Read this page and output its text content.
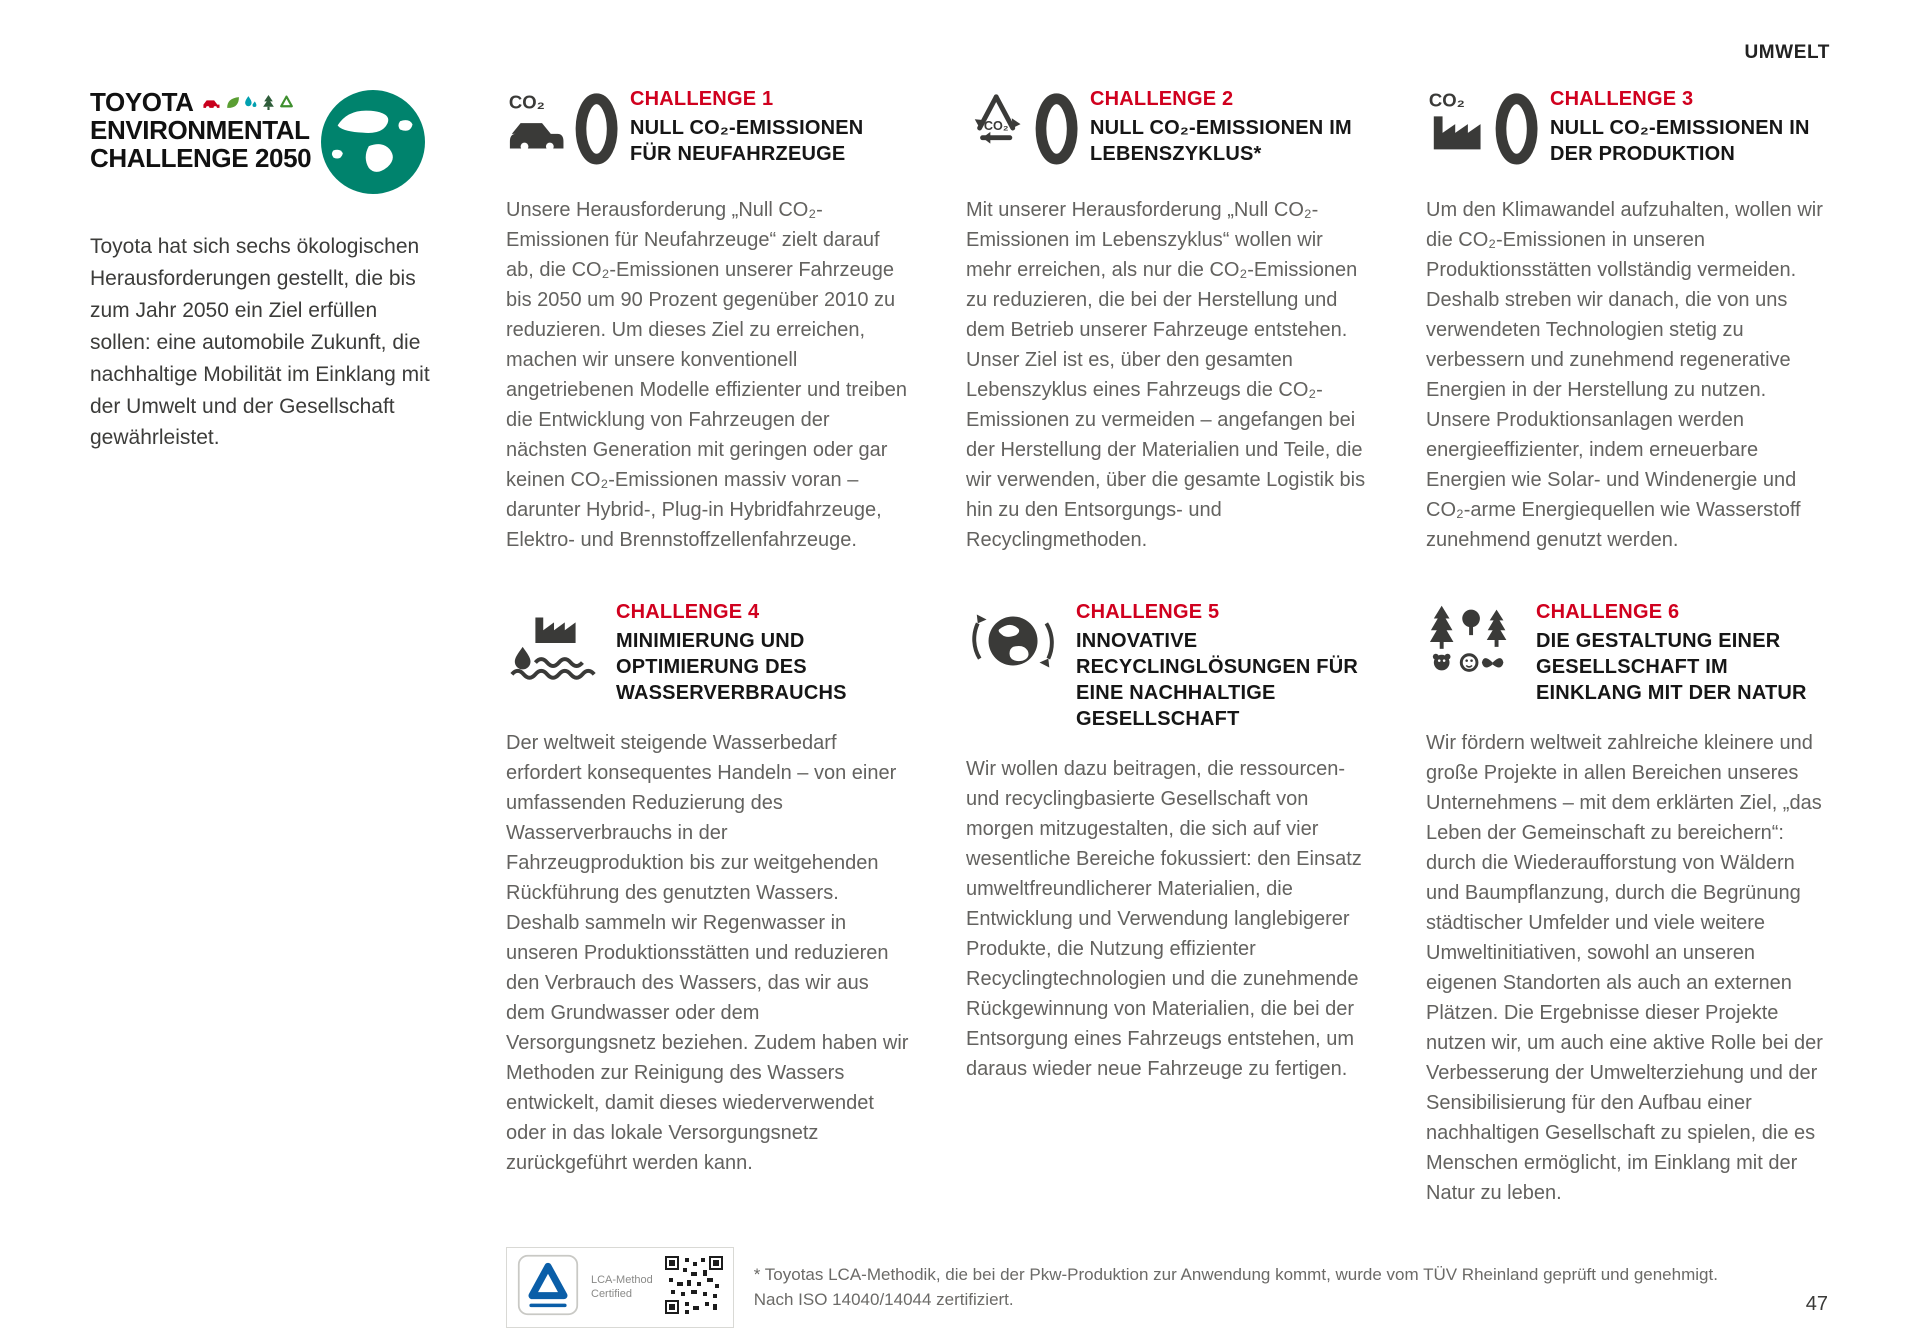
UMWELT
TOYOTA
ENVIRONMENTAL
CHALLENGE 2050

Toyota hat sich sechs ökologischen Herausforderungen gestellt, die bis zum Jahr 2050 ein Ziel erfüllen sollen: eine automobile Zukunft, die nachhaltige Mobilität im Einklang mit der Umwelt und der Gesellschaft gewährleistet.

CO₂	CHALLENGE 1
NULL CO₂-EMISSIONEN FÜR NEUFAHRZEUGE

Unsere Herausforderung „Null CO₂-Emissionen für Neufahrzeuge“ zielt darauf ab, die CO₂-Emissionen unserer Fahrzeuge bis 2050 um 90 Prozent gegenüber 2010 zu reduzieren. Um dieses Ziel zu erreichen, machen wir unsere konventionell angetriebenen Modelle effizienter und treiben die Entwicklung von Fahrzeugen der nächsten Generation mit geringen oder gar keinen CO₂-Emissionen massiv voran – darunter Hybrid-, Plug-in Hybridfahrzeuge, Elektro- und Brennstoffzellenfahrzeuge.

CO₂
CHALLENGE 2
NULL CO₂-EMISSIONEN IM LEBENSZYKLUS*

Mit unserer Herausforderung „Null CO₂-Emissionen im Lebenszyklus“ wollen wir mehr erreichen, als nur die CO₂-Emissionen zu reduzieren, die bei der Herstellung und dem Betrieb unserer Fahrzeuge entstehen. Unser Ziel ist es, über den gesamten Lebenszyklus eines Fahrzeugs die CO₂-Emissionen zu vermeiden – angefangen bei der Herstellung der Materialien und Teile, die wir verwenden, über die gesamte Logistik bis hin zu den Entsorgungs- und Recyclingmethoden.

CO₂	CHALLENGE 3
NULL CO₂-EMISSIONEN IN DER PRODUKTION

Um den Klimawandel aufzuhalten, wollen wir die CO₂-Emissionen in unseren Produktionsstätten vollständig vermeiden. Deshalb streben wir danach, die von uns verwendeten Technologien stetig zu verbessern und zunehmend regenerative Energien in der Herstellung zu nutzen. Unsere Produktionsanlagen werden energieeffizienter, indem erneuerbare Energien wie Solar- und Windenergie und CO₂-arme Energiequellen wie Wasserstoff zunehmend genutzt werden.

CHALLENGE 4
MINIMIERUNG UND OPTIMIERUNG DES WASSERVERBRAUCHS

Der weltweit steigende Wasserbedarf erfordert konsequentes Handeln – von einer umfassenden Reduzierung des Wasserverbrauchs in der Fahrzeugproduktion bis zur weitgehenden Rückführung des genutzten Wassers. Deshalb sammeln wir Regenwasser in unseren Produktionsstätten und reduzieren den Verbrauch des Wassers, das wir aus dem Grundwasser oder dem Versorgungsnetz beziehen. Zudem haben wir Methoden zur Reinigung des Wassers entwickelt, damit dieses wiederverwendet oder in das lokale Versorgungsnetz zurückgeführt werden kann.

CHALLENGE 5
INNOVATIVE RECYCLINGLÖSUNGEN FÜR EINE NACHHALTIGE GESELLSCHAFT

Wir wollen dazu beitragen, die ressourcen- und recyclingbasierte Gesellschaft von morgen mitzugestalten, die sich auf vier wesentliche Bereiche fokussiert: den Einsatz umweltfreundlicherer Materialien, die Entwicklung und Verwendung langlebigerer Produkte, die Nutzung effizienter Recyclingtechnologien und die zunehmende Rückgewinnung von Materialien, die bei der Entsorgung eines Fahrzeugs entstehen, um daraus wieder neue Fahrzeuge zu fertigen.

CHALLENGE 6
DIE GESTALTUNG EINER GESELLSCHAFT IM EINKLANG MIT DER NATUR

Wir fördern weltweit zahlreiche kleinere und große Projekte in allen Bereichen unseres Unternehmens – mit dem erklärten Ziel, „das Leben der Gemeinschaft zu bereichern“: durch die Wiederaufforstung von Wäldern und Baumpflanzung, durch die Begrünung städtischer Umfelder und viele weitere Umweltinitiativen, sowohl an unseren eigenen Standorten als auch an externen Plätzen. Die Ergebnisse dieser Projekte nutzen wir, um auch eine aktive Rolle bei der Verbesserung der Umwelterziehung und der Sensibilisierung für den Aufbau einer nachhaltigen Gesellschaft zu spielen, die es Menschen ermöglicht, im Einklang mit der Natur zu leben.

LCA-Method
Certified
* Toyotas LCA-Methodik, die bei der Pkw-Produktion zur Anwendung kommt, wurde vom TÜV Rheinland geprüft und genehmigt.
Nach ISO 14040/14044 zertifiziert.	47
